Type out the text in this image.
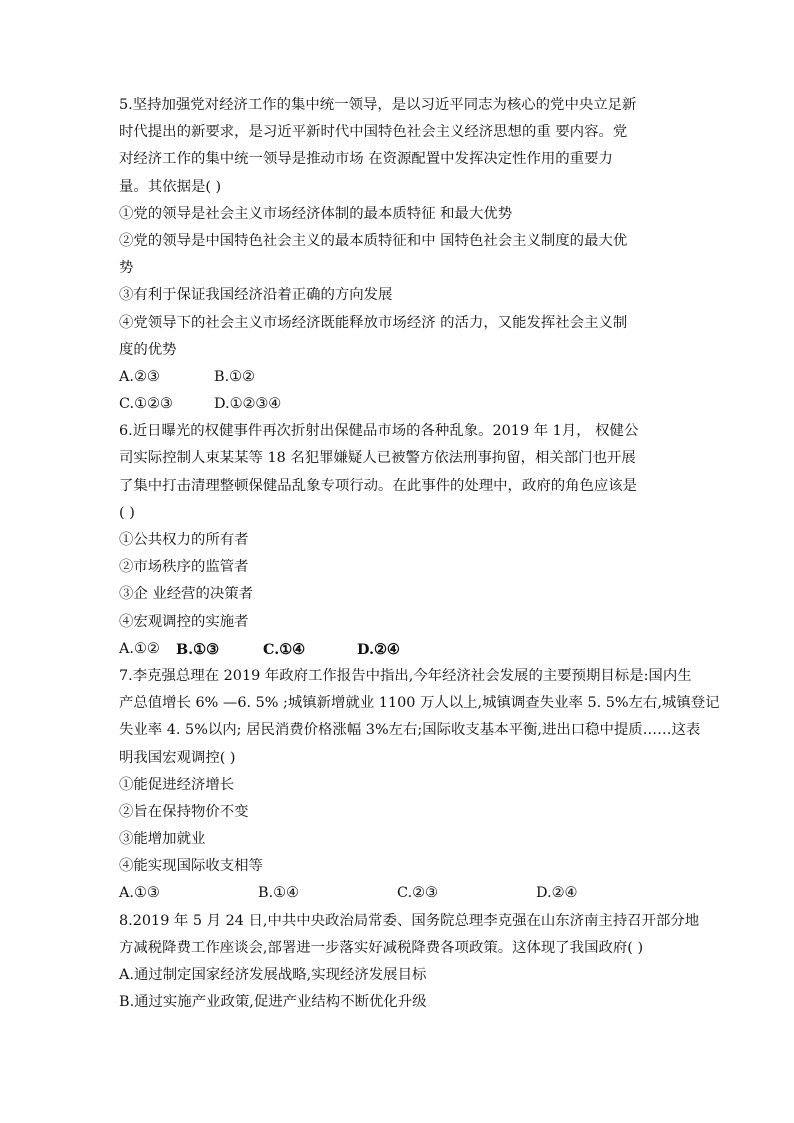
5.坚持加强党对经济工作的集中统一领导，是以习近平同志为核心的党中央立足新
时代提出的新要求，是习近平新时代中国特色社会主义经济思想的重 要内容。党
对经济工作的集中统一领导是推动市场 在资源配置中发挥决定性作用的重要力
量。其依据是( )
①党的领导是社会主义市场经济体制的最本质特征 和最大优势
②党的领导是中国特色社会主义的最本质特征和中 国特色社会主义制度的最大优
势
③有利于保证我国经济沿着正确的方向发展
④党领导下的社会主义市场经济既能释放市场经济 的活力，又能发挥社会主义制
度的优势
A.②③	B.①②
C.①②③	D.①②③④
6.近日曝光的权健事件再次折射出保健品市场的各种乱象。2019 年 1月， 权健公
司实际控制人束某某等 18 名犯罪嫌疑人已被警方依法刑事拘留，相关部门也开展
了集中打击清理整顿保健品乱象专项行动。在此事件的处理中，政府的角色应该是
( )
①公共权力的所有者
②市场秩序的监管者
③企 业经营的决策者
④宏观调控的实施者
A.①②	B.①③	C.①④	D.②④
7.李克强总理在 2019 年政府工作报告中指出,今年经济社会发展的主要预期目标是:国内生
产总值增长 6% —6. 5% ;城镇新增就业 1100 万人以上,城镇调查失业率 5. 5%左右,城镇登记
失业率 4. 5%以内; 居民消费价格涨幅 3%左右;国际收支基本平衡,进出口稳中提质……这表
明我国宏观调控( )
①能促进经济增长
②旨在保持物价不变
③能增加就业
④能实现国际收支相等
A.①③	B.①④	C.②③	D.②④
8.2019 年 5 月 24 日,中共中央政治局常委、国务院总理李克强在山东济南主持召开部分地
方减税降费工作座谈会,部署进一步落实好减税降费各项政策。这体现了我国政府( )
A.通过制定国家经济发展战略,实现经济发展目标
B.通过实施产业政策,促进产业结构不断优化升级
